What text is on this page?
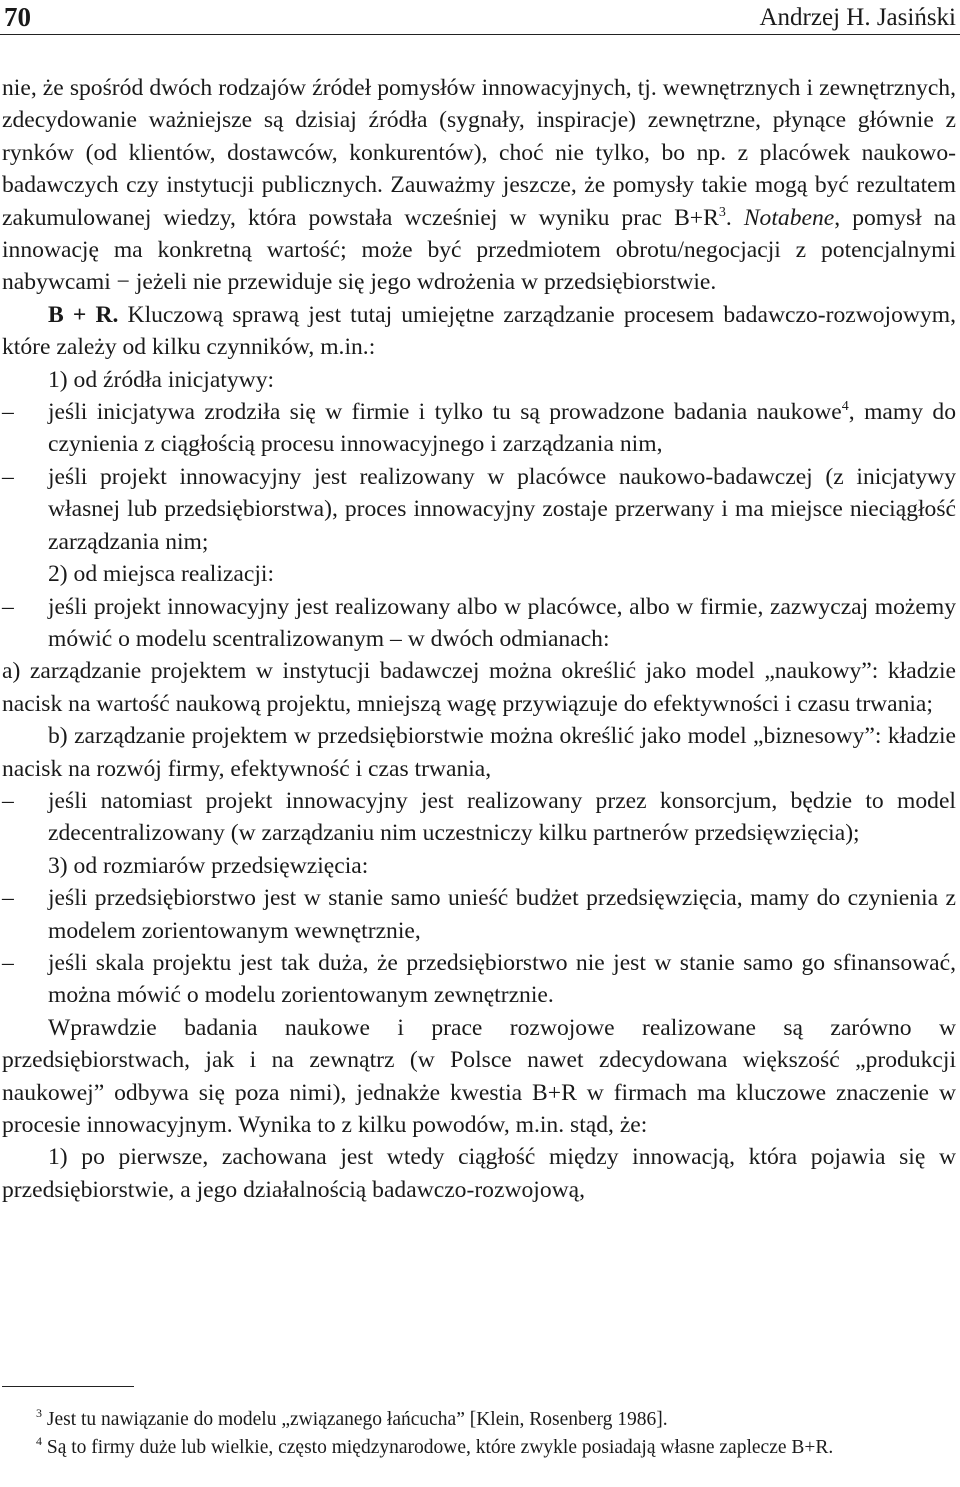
70	Andrzej H. Jasiński

nie, że spośród dwóch rodzajów źródeł pomysłów innowacyjnych, tj. wewnętrznych i zewnętrznych, zdecydowanie ważniejsze są dzisiaj źródła (sygnały, inspiracje) zewnętrzne, płynące głównie z rynków (od klientów, dostawców, konkurentów), choć nie tylko, bo np. z placówek naukowo-badawczych czy instytucji publicznych. Zauważmy jeszcze, że pomysły takie mogą być rezultatem zakumulowanej wiedzy, która powstała wcześniej w wyniku prac $B+R^3$. Notabene, pomysł na innowację ma konkretną wartość; może być przedmiotem obrotu/negocjacji z potencjalnymi nabywcami − jeżeli nie przewiduje się jego wdrożenia w przedsiębiorstwie.

B + R. Kluczową sprawą jest tutaj umiejętne zarządzanie procesem badawczo-rozwojowym, które zależy od kilku czynników, m.in.:

1) od źródła inicjatywy:

– jeśli inicjatywa zrodziła się w firmie i tylko tu są prowadzone badania naukowe$^4$, mamy do czynienia z ciągłością procesu innowacyjnego i zarządzania nim,

– jeśli projekt innowacyjny jest realizowany w placówce naukowo-badawczej (z inicjatywy własnej lub przedsiębiorstwa), proces innowacyjny zostaje przerwany i ma miejsce nieciągłość zarządzania nim;

2) od miejsca realizacji:

– jeśli projekt innowacyjny jest realizowany albo w placówce, albo w firmie, zazwyczaj możemy mówić o modelu scentralizowanym – w dwóch odmianach:

a) zarządzanie projektem w instytucji badawczej można określić jako model „naukowy”: kładzie nacisk na wartość naukową projektu, mniejszą wagę przywiązuje do efektywności i czasu trwania;

b) zarządzanie projektem w przedsiębiorstwie można określić jako model „biznesowy”: kładzie nacisk na rozwój firmy, efektywność i czas trwania,

– jeśli natomiast projekt innowacyjny jest realizowany przez konsorcjum, będzie to model zdecentralizowany (w zarządzaniu nim uczestniczy kilku partnerów przedsięwzięcia);

3) od rozmiarów przedsięwzięcia:

– jeśli przedsiębiorstwo jest w stanie samo unieść budżet przedsięwzięcia, mamy do czynienia z modelem zorientowanym wewnętrznie,

– jeśli skala projektu jest tak duża, że przedsiębiorstwo nie jest w stanie samo go sfinansować, można mówić o modelu zorientowanym zewnętrznie.

Wprawdzie badania naukowe i prace rozwojowe realizowane są zarówno w przedsiębiorstwach, jak i na zewnątrz (w Polsce nawet zdecydowana większość „produkcji naukowej” odbywa się poza nimi), jednakże kwestia B+R w firmach ma kluczowe znaczenie w procesie innowacyjnym. Wynika to z kilku powodów, m.in. stąd, że:

1) po pierwsze, zachowana jest wtedy ciągłość między innowacją, która pojawia się w przedsiębiorstwie, a jego działalnością badawczo-rozwojową,

$^3$ Jest tu nawiązanie do modelu „związanego łańcucha” [Klein, Rosenberg 1986].

$^4$ Są to firmy duże lub wielkie, często międzynarodowe, które zwykle posiadają własne zaplecze B+R.
